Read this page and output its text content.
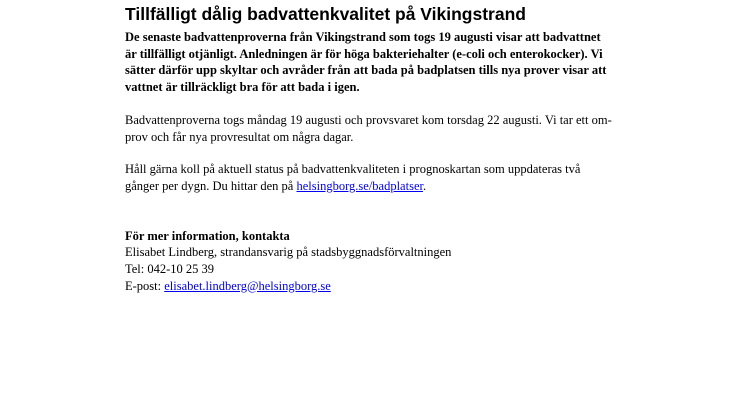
Tillfälligt dålig badvattenkvalitet på Vikingstrand

De senaste badvattenproverna från Vikingstrand som togs 19 augusti visar att badvattnet
är tillfälligt otjänligt. Anledningen är för höga bakteriehalter (e-coli och enterokocker). Vi
sätter därför upp skyltar och avråder från att bada på badplatsen tills nya prover visar att
vattnet är tillräckligt bra för att bada i igen.

Badvattenproverna togs måndag 19 augusti och provsvaret kom torsdag 22 augusti. Vi tar ett om-
prov och får nya provresultat om några dagar.

Håll gärna koll på aktuell status på badvattenkvaliteten i prognoskartan som uppdateras två
gånger per dygn. Du hittar den på helsingborg.se/badplatser.

För mer information, kontakta
Elisabet Lindberg, strandansvarig på stadsbyggnadsförvaltningen
Tel: 042-10 25 39
E-post: elisabet.lindberg@helsingborg.se
